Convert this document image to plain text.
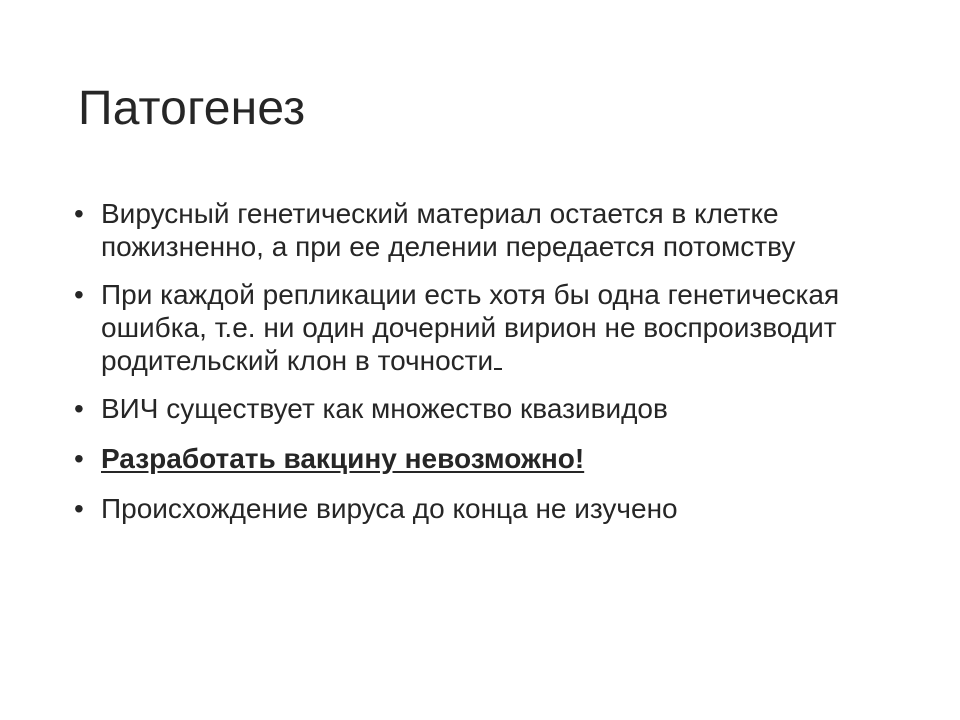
Патогенез
• Вирусный генетический материал остается в клетке пожизненно, а при ее делении передается потомству
• При каждой репликации есть хотя бы одна генетическая ошибка, т.е. ни один дочерний вирион не воспроизводит родительский клон в точности
• ВИЧ существует как множество квазивидов
• Разработать вакцину невозможно!
• Происхождение вируса до конца не изучено
